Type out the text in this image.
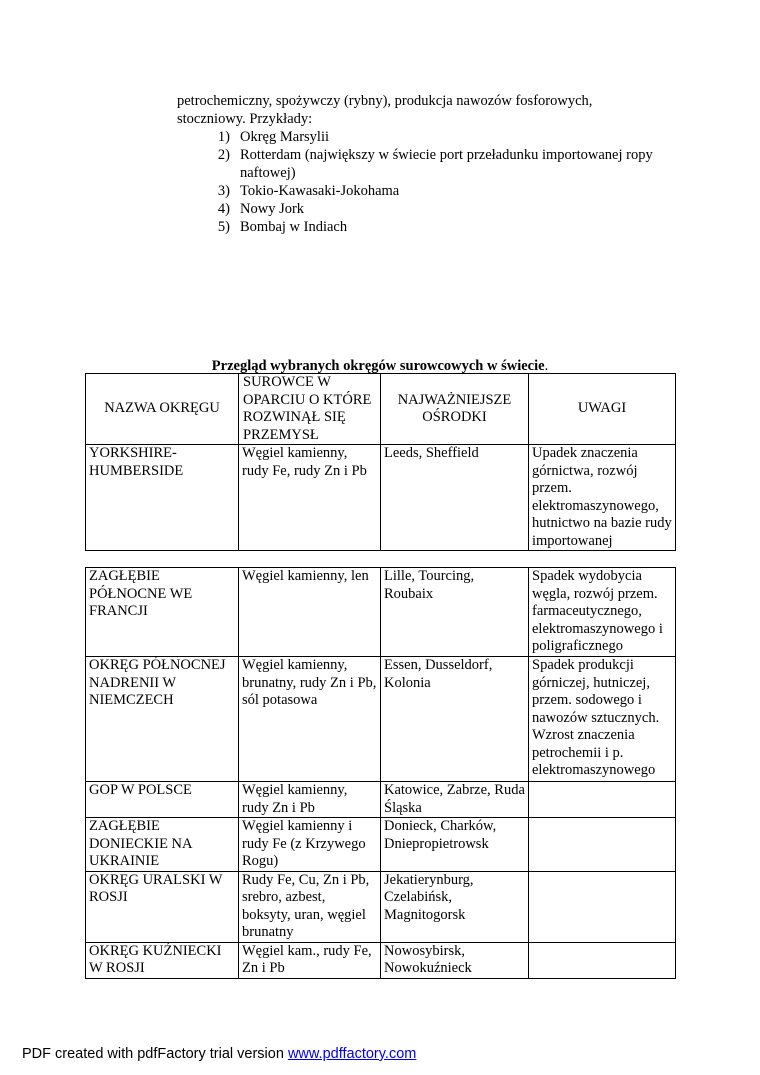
petrochemiczny, spożywczy (rybny), produkcja nawozów fosforowych,

stoczniowy. Przykłady:

1) Okręg Marsylii
2) Rotterdam (największy w świecie port przeładunku importowanej ropy naftowej)
3) Tokio-Kawasaki-Jokohama
4) Nowy Jork
5) Bombaj w Indiach
Przegląd wybranych okręgów surowcowych w świecie.
NAZWA OKRĘGU	SUROWCE W OPARCIU O KTÓRE ROZWINĄŁ SIĘ PRZEMYSŁ	NAJWAŻNIEJSZE OŚRODKI	UWAGI
YORKSHIRE-HUMBERSIDE	Węgiel kamienny, rudy Fe, rudy Zn i Pb	Leeds, Sheffield	Upadek znaczenia górnictwa, rozwój przem. elektromaszynowego, hutnictwo na bazie rudy importowanej
ZAGŁĘBIE PÓŁNOCNE WE FRANCJI	Węgiel kamienny, len	Lille, Tourcing, Roubaix	Spadek wydobycia węgla, rozwój przem. farmaceutycznego, elektromaszynowego i poligraficznego
OKRĘG PÓŁNOCNEJ NADRENII W NIEMCZECH	Węgiel kamienny, brunatny, rudy Zn i Pb, sól potasowa	Essen, Dusseldorf, Kolonia	Spadek produkcji górniczej, hutniczej, przem. sodowego i nawozów sztucznych. Wzrost znaczenia petrochemii i p. elektromaszynowego
GOP W POLSCE	Węgiel kamienny, rudy Zn i Pb	Katowice, Zabrze, Ruda Śląska	
ZAGŁĘBIE DONIECKIE NA UKRAINIE	Węgiel kamienny i rudy Fe (z Krzywego Rogu)	Donieck, Charków, Dniepropietrowsk	
OKRĘG URALSKI W ROSJI	Rudy Fe, Cu, Zn i Pb, srebro, azbest, boksyty, uran, węgiel brunatny	Jekatierynburg, Czelabińsk, Magnitogorsk	
OKRĘG KUŹNIECKI W ROSJI	Węgiel kam., rudy Fe, Zn i Pb	Nowosybirsk, Nowokuźnieck	
PDF created with pdfFactory trial version www.pdffactory.com
